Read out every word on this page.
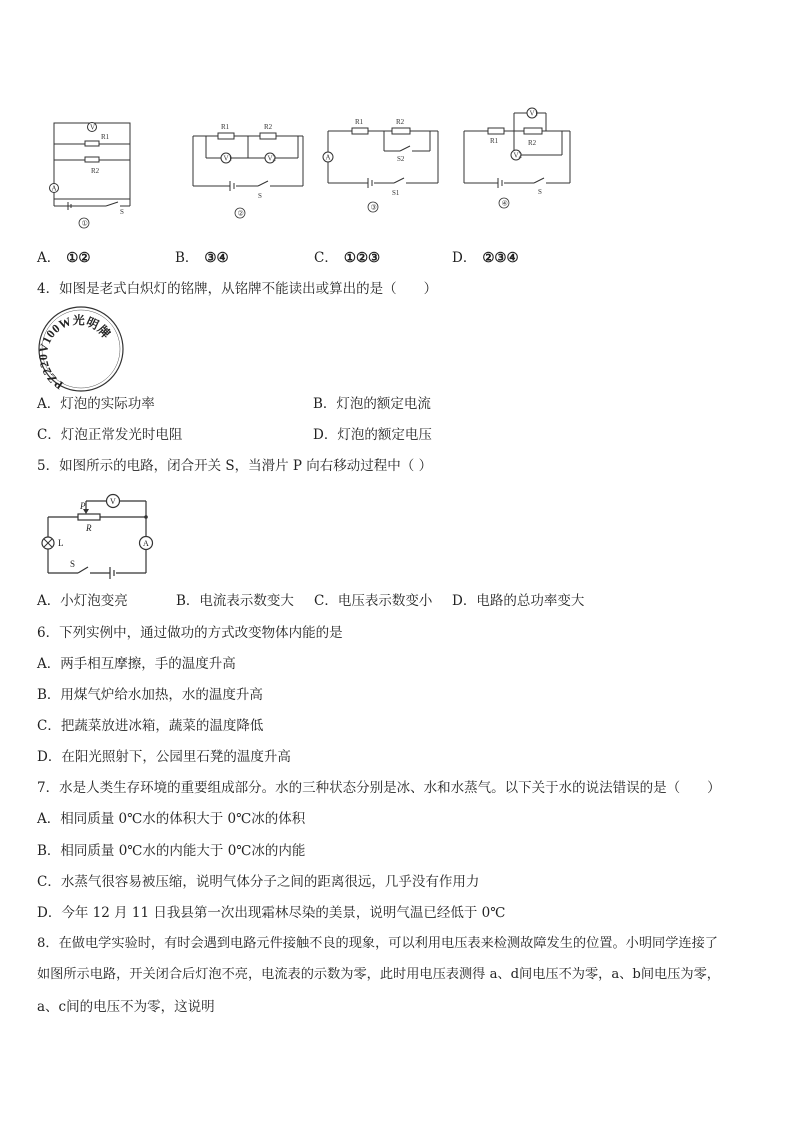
V
R1
R2
A
S
①
R1	R2
V1	V2
S
②
R1	R2
A	S2
S1
③
V1
R1	R2
V2
S
④
A． ①②	B． ③④	C． ①②③	D． ②③④
4．如图是老式白炽灯的铭牌，从铭牌不能读出或算出的是（　　）
PZ220V100W光明牌
A．灯泡的实际功率	B．灯泡的额定电流
C．灯泡正常发光时电阻	D．灯泡的额定电压
5．如图所示的电路，闭合开关 S，当滑片 P 向右移动过程中（ ）
V
A
P
R
L
S
A．小灯泡变亮	B．电流表示数变大 C．电压表示数变小 D．电路的总功率变大
6．下列实例中，通过做功的方式改变物体内能的是
A．两手相互摩擦，手的温度升高
B．用煤气炉给水加热，水的温度升高
C．把蔬菜放进冰箱，蔬菜的温度降低
D．在阳光照射下，公园里石凳的温度升高
7．水是人类生存环境的重要组成部分。水的三种状态分别是冰、水和水蒸气。以下关于水的说法错误的是（　　）
A．相同质量 0℃水的体积大于 0℃冰的体积
B．相同质量 0℃水的内能大于 0℃冰的内能
C．水蒸气很容易被压缩，说明气体分子之间的距离很远，几乎没有作用力
D．今年 12 月 11 日我县第一次出现霜林尽染的美景，说明气温已经低于 0℃
8．在做电学实验时，有时会遇到电路元件接触不良的现象，可以利用电压表来检测故障发生的位置。小明同学连接了
如图所示电路，开关闭合后灯泡不亮，电流表的示数为零，此时用电压表测得 a、d间电压不为零，a、b间电压为零，
a、c间的电压不为零，这说明
